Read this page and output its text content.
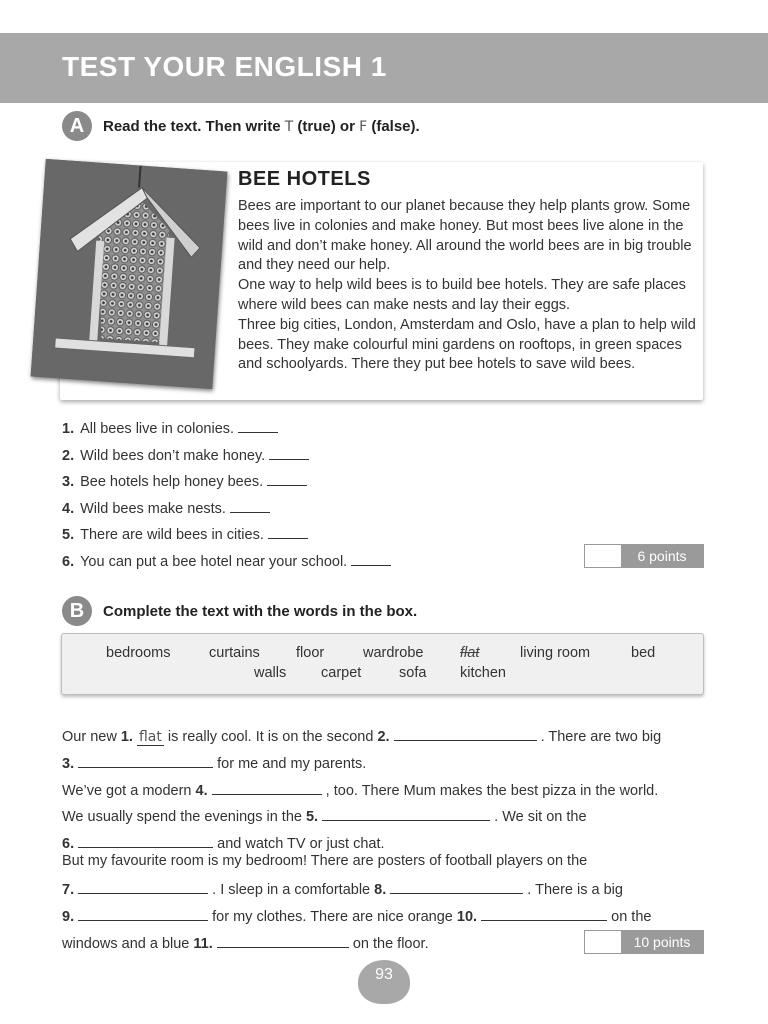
TEST YOUR ENGLISH 1
A	Read the text. Then write T (true) or F (false).
BEE HOTELS

Bees are important to our planet because they help plants grow. Some bees live in colonies and make honey. But most bees live alone in the wild and don’t make honey. All around the world bees are in big trouble and they need our help.

One way to help wild bees is to build bee hotels. They are safe places where wild bees can make nests and lay their eggs.

Three big cities, London, Amsterdam and Oslo, have a plan to help wild bees. They make colourful mini gardens on rooftops, in green spaces and schoolyards. There they put bee hotels to save wild bees.

1. All bees live in colonies.
2. Wild bees don’t make honey.
3. Bee hotels help honey bees.
4. Wild bees make nests.
5. There are wild bees in cities.
6. You can put a bee hotel near your school.	6 points
B	Complete the text with the words in the box.
bedrooms	curtains floor	wardrobe	flat	living room	bed
walls carpet	sofa kitchen
Our new 1. flat is really cool. It is on the second 2.	. There are two big
3.	for me and my parents.
We’ve got a modern 4.	, too. There Mum makes the best pizza in the world.
We usually spend the evenings in the 5.	. We sit on the
6.	and watch TV or just chat.
But my favourite room is my bedroom! There are posters of football players on the
7.	. I sleep in a comfortable 8.	. There is a big
9.	for my clothes. There are nice orange 10.	on the
windows and a blue 11.	on the floor.	10 points
93
